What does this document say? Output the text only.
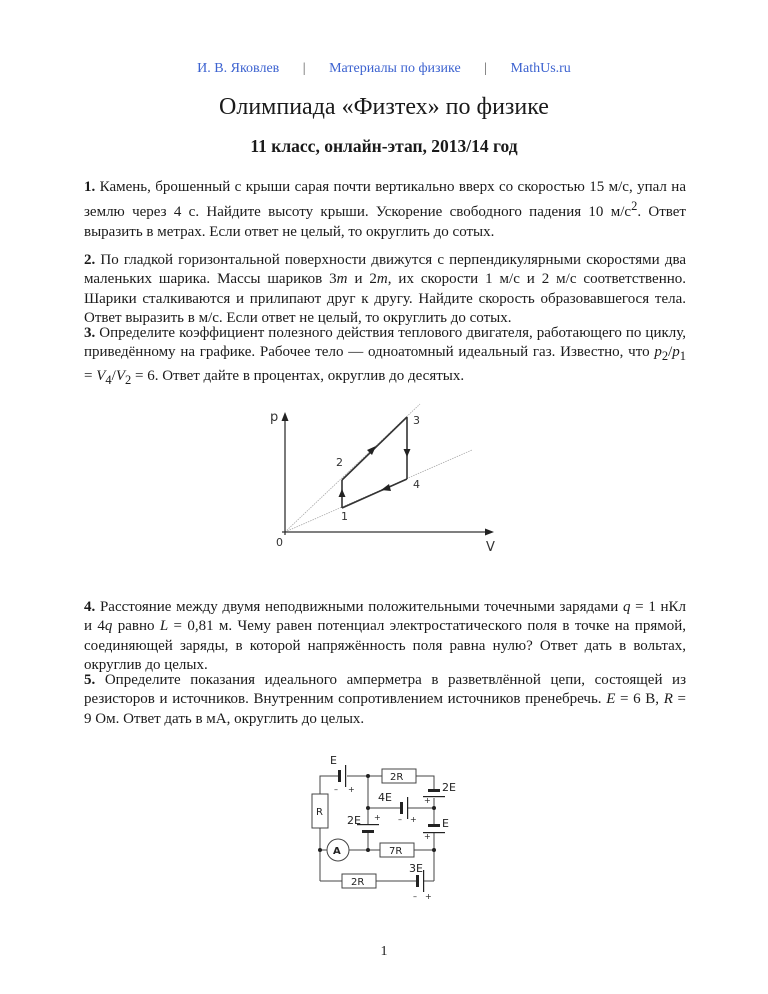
И. В. Яковлев | Материалы по физике | MathUs.ru
Олимпиада «Физтех» по физике
11 класс, онлайн-этап, 2013/14 год
1. Камень, брошенный с крыши сарая почти вертикально вверх со скоростью 15 м/с, упал на землю через 4 с. Найдите высоту крыши. Ускорение свободного падения 10 $м/с^2$. Ответ выразить в метрах. Если ответ не целый, то округлить до сотых.
2. По гладкой горизонтальной поверхности движутся с перпендикулярными скоростями два маленьких шарика. Массы шариков 3m и 2m, их скорости 1 м/с и 2 м/с соответственно. Шарики сталкиваются и прилипают друг к другу. Найдите скорость образовавшегося тела. Ответ выразить в м/с. Если ответ не целый, то округлить до сотых.
3. Определите коэффициент полезного действия теплового двигателя, работающего по циклу, приведённому на графике. Рабочее тело — одноатомный идеальный газ. Известно, что $p_2/p_1 = V_4/V_2 = 6$. Ответ дайте в процентах, округлив до десятых.
p
V
0
1
2
3
4
4. Расстояние между двумя неподвижными положительными точечными зарядами q = 1 нКл и 4q равно L = 0,81 м. Чему равен потенциал электростатического поля в точке на прямой, соединяющей заряды, в которой напряжённость поля равна нулю? Ответ дать в вольтах, округлив до целых.
5. Определите показания идеального амперметра в разветвлённой цепи, состоящей из резисторов и источников. Внутренним сопротивлением источников пренебречь. E = 6 В, R = 9 Ом. Ответ дать в мА, округлить до целых.
E
2R
2E
4E
2E	E
R
A	7R
3E
2R
– +
+
– +
+
+
– +
1
